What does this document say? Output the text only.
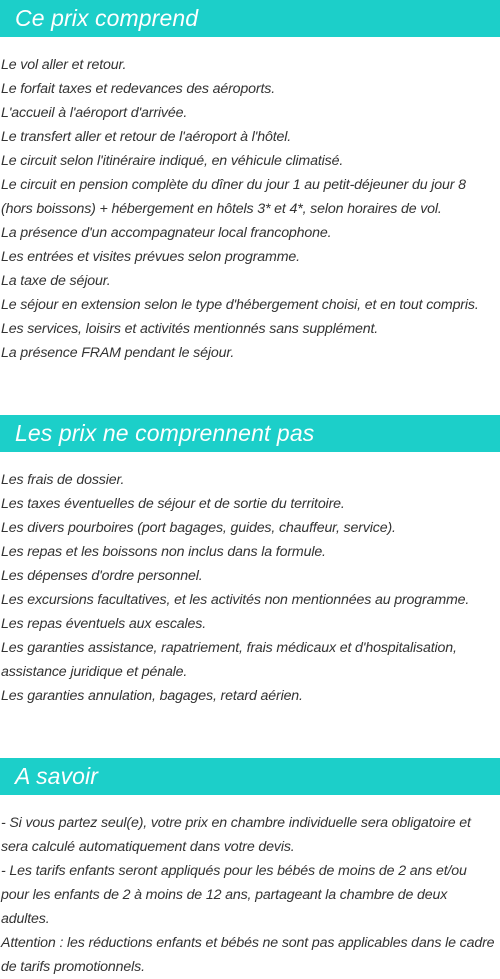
Ce prix comprend
Le vol aller et retour.
Le forfait taxes et redevances des aéroports.
L'accueil à l'aéroport d'arrivée.
Le transfert aller et retour de l'aéroport à l'hôtel.
Le circuit selon l'itinéraire indiqué, en véhicule climatisé.
Le circuit en pension complète du dîner du jour 1 au petit-déjeuner du jour 8 (hors boissons) + hébergement en hôtels 3* et 4*, selon horaires de vol.
La présence d'un accompagnateur local francophone.
Les entrées et visites prévues selon programme.
La taxe de séjour.
Le séjour en extension selon le type d'hébergement choisi, et en tout compris.
Les services, loisirs et activités mentionnés sans supplément.
La présence FRAM pendant le séjour.
Les prix ne comprennent pas
Les frais de dossier.
Les taxes éventuelles de séjour et de sortie du territoire.
Les divers pourboires (port bagages, guides, chauffeur, service).
Les repas et les boissons non inclus dans la formule.
Les dépenses d'ordre personnel.
Les excursions facultatives, et les activités non mentionnées au programme.
Les repas éventuels aux escales.
Les garanties assistance, rapatriement, frais médicaux et d'hospitalisation, assistance juridique et pénale.
Les garanties annulation, bagages, retard aérien.
A savoir
- Si vous partez seul(e), votre prix en chambre individuelle sera obligatoire et sera calculé automatiquement dans votre devis.
- Les tarifs enfants seront appliqués pour les bébés de moins de 2 ans et/ou pour les enfants de 2 à moins de 12 ans, partageant la chambre de deux adultes.
Attention : les réductions enfants et bébés ne sont pas applicables dans le cadre de tarifs promotionnels.
